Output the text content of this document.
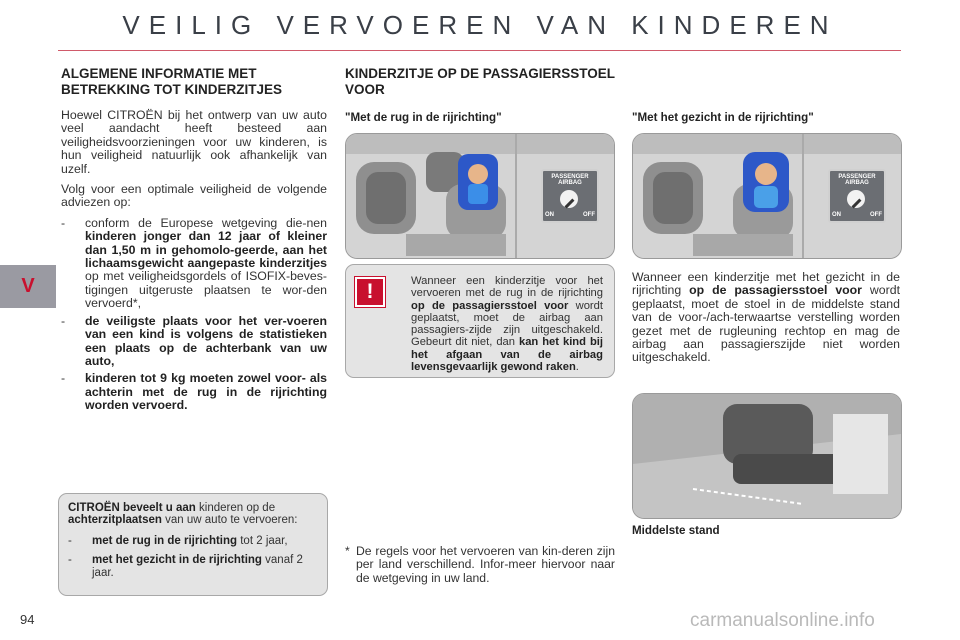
VEILIG VERVOEREN VAN KINDEREN
V
ALGEMENE INFORMATIE MET BETREKKING TOT KINDERZITJES

Hoewel CITROËN bij het ontwerp van uw auto veel aandacht heeft besteed aan veiligheidsvoorzieningen voor uw kinderen, is hun veiligheid natuurlijk ook afhankelijk van uzelf.

Volg voor een optimale veiligheid de volgende adviezen op:

- conform de Europese wetgeving die-nen kinderen jonger dan 12 jaar of kleiner dan 1,50 m in gehomolo-geerde, aan het lichaamsgewicht aangepaste kinderzitjes op met veiligheidsgordels of ISOFIX-beves-tigingen uitgeruste plaatsen te wor-den vervoerd*,
- de veiligste plaats voor het ver-voeren van een kind is volgens de statistieken een plaats op de achterbank van uw auto,
- kinderen tot 9 kg moeten zowel voor- als achterin met de rug in de rijrichting worden vervoerd.
CITROËN beveelt u aan kinderen op de achterzitplaatsen van uw auto te vervoeren:
- met de rug in de rijrichting tot 2 jaar,
- met het gezicht in de rijrichting vanaf 2 jaar.
KINDERZITJE OP DE PASSAGIERSSTOEL VOOR
"Met de rug in de rijrichting"	"Met het gezicht in de rijrichting"
PASSENGER
AIRBAG
ON	OFF
PASSENGER
AIRBAG
ON	OFF
!	Wanneer een kinderzitje voor het vervoeren met de rug in de rijrichting op de passagiersstoel voor wordt geplaatst, moet de airbag aan passagiers-zijde zijn uitgeschakeld. Gebeurt dit niet, dan kan het kind bij het afgaan van de airbag levensgevaarlijk gewond raken.
Wanneer een kinderzitje met het gezicht in de rijrichting op de passagiersstoel voor wordt geplaatst, moet de stoel in de middelste stand van de voor-/ach-terwaartse verstelling worden gezet met de rugleuning rechtop en mag de airbag aan passagierszijde niet worden uitgeschakeld.
Middelste stand
* De regels voor het vervoeren van kin-deren zijn per land verschillend. Infor-meer hiervoor naar de wetgeving in uw land.
94	carmanualsonline.info
